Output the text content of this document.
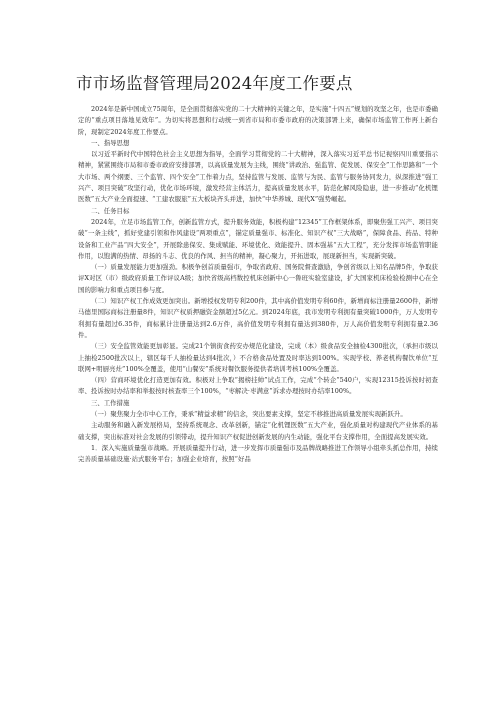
市市场监督管理局2024年度工作要点

2024年是新中国成立75周年，是全面贯彻落实党的二十大精神的关键之年，是实施“十四五”规划的攻坚之年，也是市委确定的“重点项目落地见效年”。为切实将思想和行动统一到省市局和市委市政府的决策部署上来，确保市场监管工作再上新台阶，现制定2024年度工作要点。

一、指导思想

以习近平新时代中国特色社会主义思想为指导，全面学习贯彻党的二十大精神，深入落实习近平总书记视察四川重要指示精神，紧紧围绕市局和市委市政府安排部署，以高质量发展为主线，围绕“讲政治、强监管、促发展、保安全”工作思路和“一个大市场、两个纲要、三个监管、四个安全”工作着力点，坚持监管与发展、监管与为民、监管与服务协同发力，纵深推进“强工兴产、项目突破”攻坚行动，优化市场环境，激发经营主体活力，提高质量发展水平，防范化解风险隐患，进一步推动“化机锂医数”五大产业全面提速、“工建农服旅”五大板块齐头并进，加快“中华养城、现代X”强势崛起。

二、任务目标

2024年，立足市场监管工作，创新监管方式，提升服务效能，积极构建“12345”工作框架体系，即聚焦强工兴产、项目突破“一条主线”，抓好党建引领和作风建设“两项重点”，锚定质量强市、标准化、知识产权“三大战略”，保障食品、药品、特种设备和工业产品“四大安全”，开展除患保安、集成赋能、环境优化、效能提升、固本强基“五大工程”，充分发挥市场监管职能作用，以饱满的热情、昂扬的斗志、优良的作风、担当的精神，凝心聚力，开拓进取，展现新担当，实现新突破。

（一）质量发展能力更加强劲。积极争创首质量强市，争取省政府、国务院督查激励，争创省级以上知名品牌5件，争取获评X对区（市）级政府质量工作评议A级；加快省级高档数控机床创新中心一鲁班实验室建设，扩大国家机床检验检测中心在全国的影响力和重点项目参与度。

（二）知识产权工作成效更加突出。新增授权发明专利200件，其中高价值发明专利60件，新增商标注册量2600件，新增马德里国际商标注册量8件，知识产权质押融资金额超过5亿元。到2024年底，我市发明专利拥有量突破1000件，万人发明专利拥有量超过6.35件，商标累计注册量达到2.6万件，高价值发明专利拥有量达到380件，万人高价值发明专利拥有量2.36件。

（三）安全监管效能更加彰显。完成21个镇街食药安办规范化建设，完成（本）级食品安全抽检4300批次，（承担市级以上抽检2500批次以上，辖区每千人抽检量达到4批次，）不合格食品处置及时率达到100%。实现学校、养老机构餐饮单位“互联网+明厨亮灶”100%全覆盖，使用“山餐安”系统对餐饮服务提供者培训考核100%全覆盖。

（四）营商环境优化打造更加有效。积极对上争取“揭榜挂帅”试点工作，完成“个转企”540户，实现12315投诉按时初查率、投诉按时办结率和举报按时核查率三个100%，“枣解决·枣满意”诉求办理按时办结率100%。

三、工作措施

（一）聚焦聚力全市中心工作，秉承“精益求精”的信念，突出要素支撑，坚定不移推进高质量发展实现新跃升。

主动服务和融入新发展格局，坚持系统观念、改革创新，锚定“化机锂医数”五大产业，强化质量对构建现代产业体系的基础支撑，突出标准对社会发展的引领带动，提升知识产权促进创新发展的内生动能，强化平台支撑作用，全面提高发展实效。

1．深入实施质量强市战略。开展质量提升行动，进一步发挥市质量强市及品牌战略推进工作领导小组牵头抓总作用，持续完善质量基础设施·站式服务平台；加强企业培育，按照“好品
